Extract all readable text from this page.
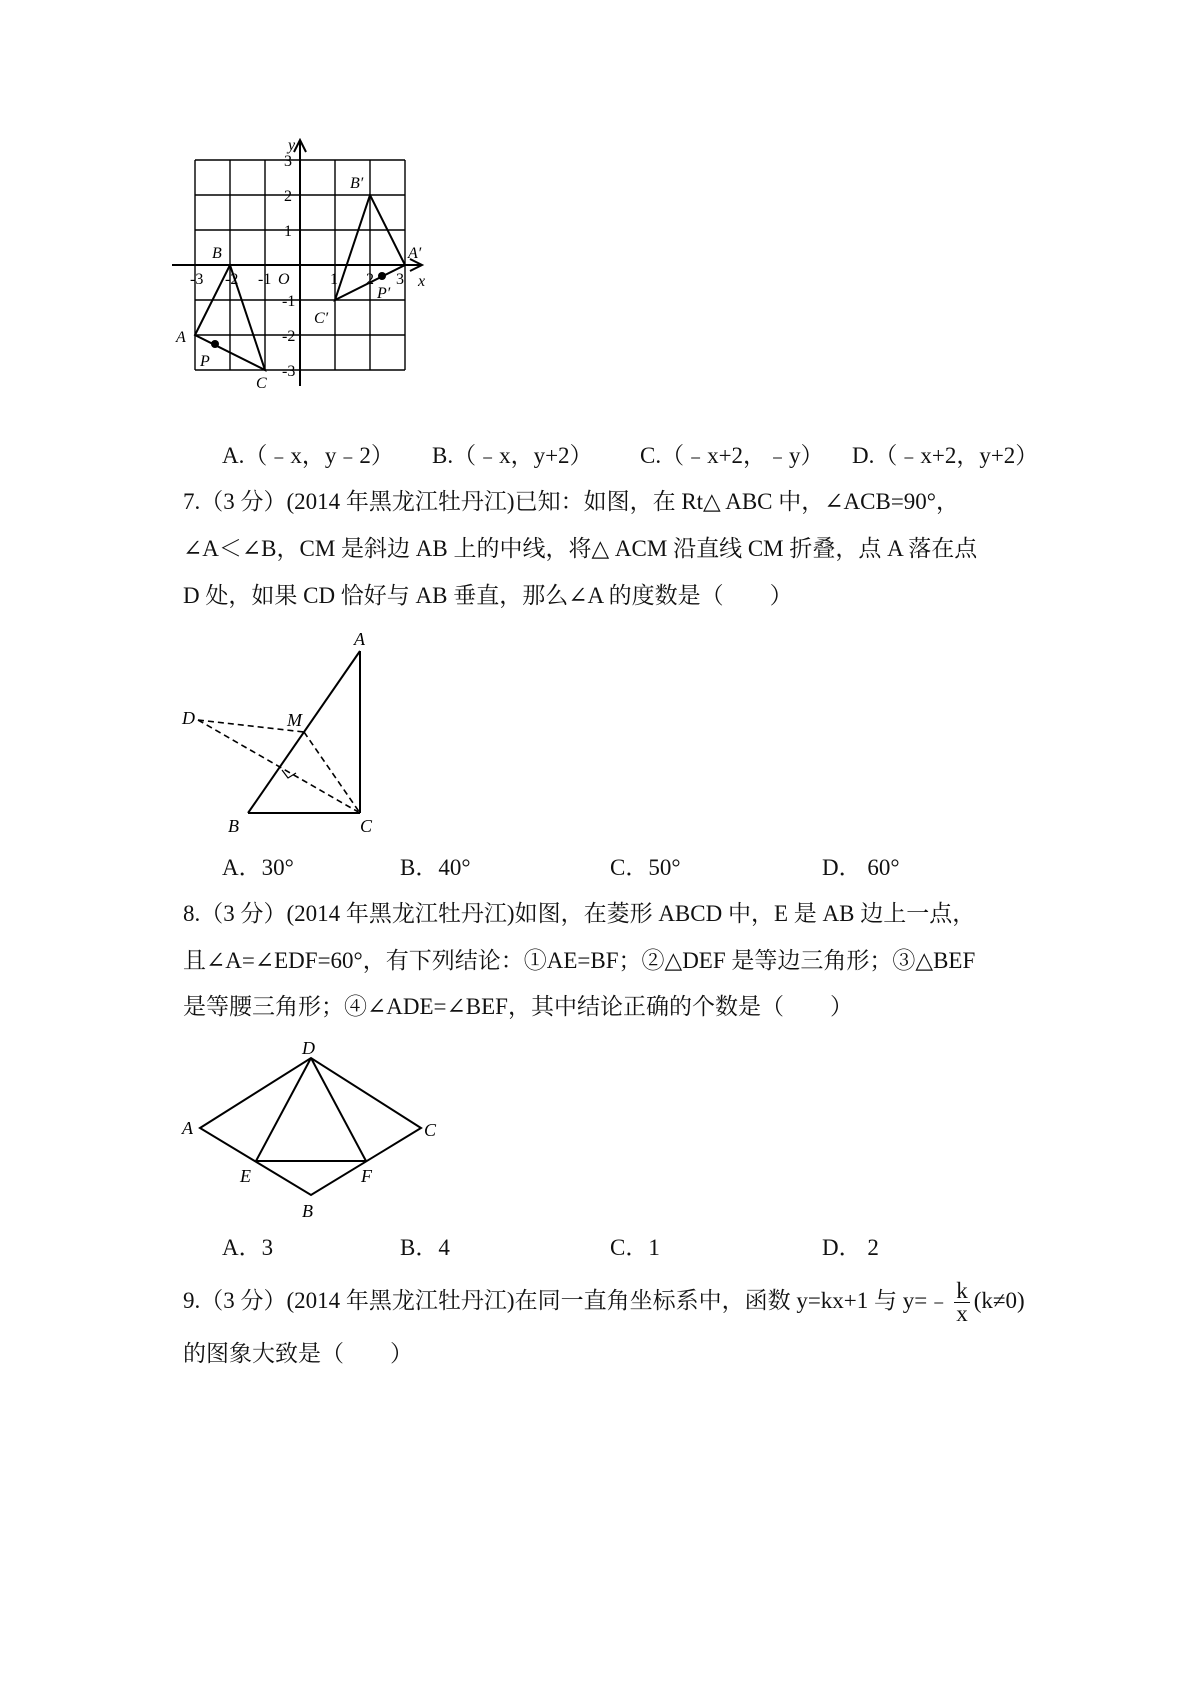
y
x
O
A
B
C
P
A′
B′
C′
P′
-3 -2 -1	1 2 3
3
2
1
-1
-2
-3
A.（﹣x，y﹣2） B.（﹣x，y+2） C.（﹣x+2，﹣y） D.（﹣x+2，y+2）
7.（3 分）(2014 年黑龙江牡丹江)已知：如图，在 Rt△ ABC 中，∠ACB=90°，
∠A＜∠B，CM 是斜边 AB 上的中线，将△ ACM 沿直线 CM 折叠，点 A 落在点
D 处，如果 CD 恰好与 AB 垂直，那么∠A 的度数是（　　）
A
B	C
D	M
A．30°	B．40°	C．50°	D． 60°
8.（3 分）(2014 年黑龙江牡丹江)如图，在菱形 ABCD 中，E 是 AB 边上一点，
且∠A=∠EDF=60°，有下列结论：①AE=BF；②△DEF 是等边三角形；③△BEF
是等腰三角形；④∠ADE=∠BEF，其中结论正确的个数是（　　）
D
A	C
E	F
B
A．3	B．4	C．1	D． 2
9.（3 分）(2014 年黑龙江牡丹江)在同一直角坐标系中，函数 y=kx+1 与 y=﹣ $\frac{k}{x} (k\ne 0)$
的图象大致是（　　）
